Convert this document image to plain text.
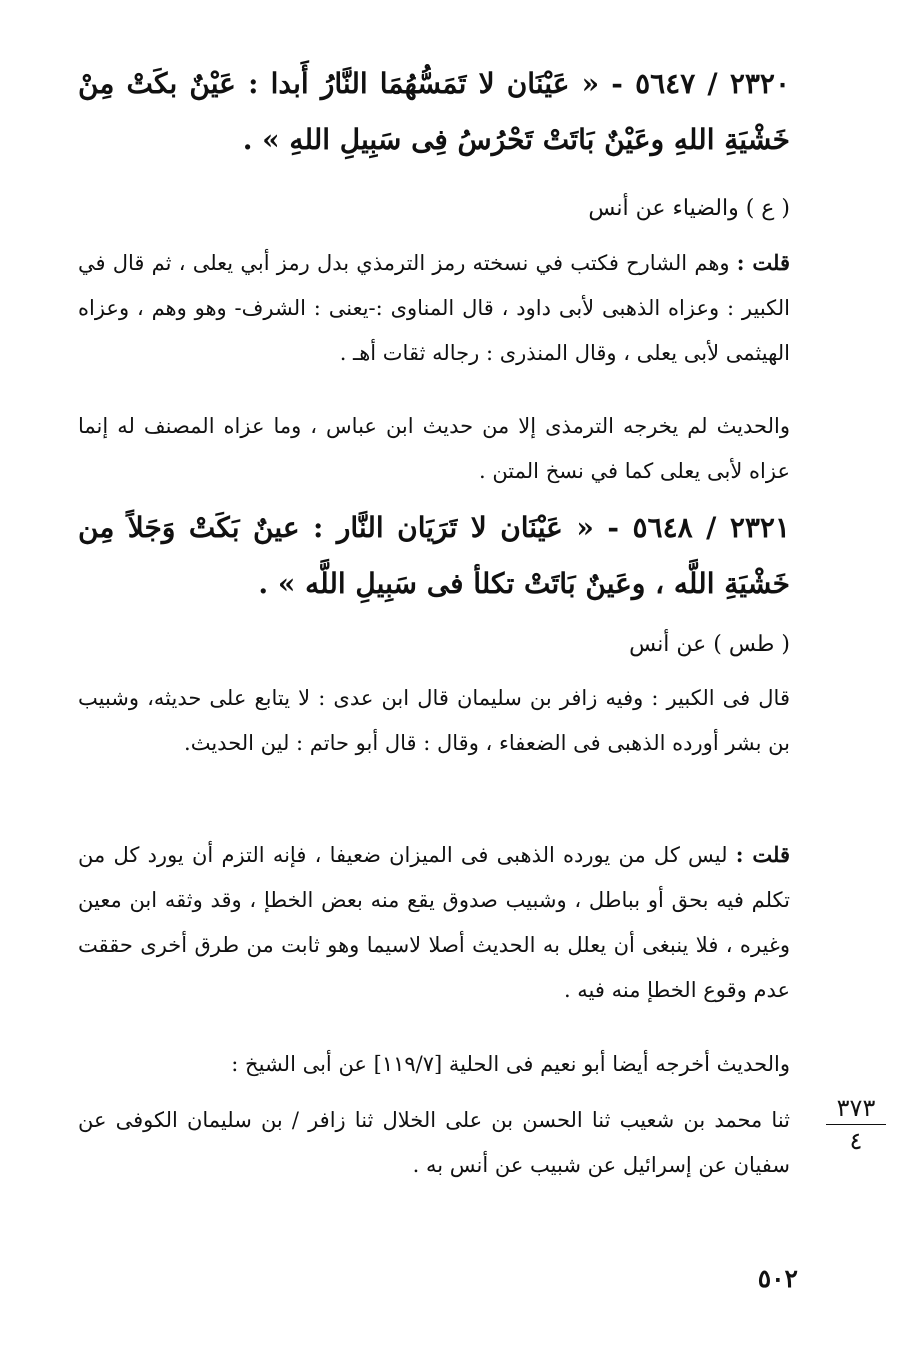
٢٣٢٠ / ٥٦٤٧ - « عَيْنَان لا تَمَسُّهُمَا النَّارُ أَبدا : عَيْنٌ بكَتْ مِنْ خَشْيَةِ اللهِ وعَيْنٌ بَاتَتْ تَحْرُسُ فِى سَبِيلِ اللهِ » .

( ع ) والضياء عن أنس

قلت : وهم الشارح فكتب في نسخته رمز الترمذي بدل رمز أبي يعلى ، ثم قال في الكبير : وعزاه الذهبى لأبى داود ، قال المناوى :-يعنى : الشرف- وهو وهم ، وعزاه الهيثمى لأبى يعلى ، وقال المنذرى : رجاله ثقات أهـ .

والحديث لم يخرجه الترمذى إلا من حديث ابن عباس ، وما عزاه المصنف له إنما عزاه لأبى يعلى كما في نسخ المتن .

٢٣٢١ / ٥٦٤٨ - « عَيْنَان لا تَرَيَان النَّار : عينٌ بَكَتْ وَجَلاً مِن خَشْيَةِ اللَّه ، وعَينٌ بَاتَتْ تكلأ فى سَبِيلِ اللَّه » .

( طس ) عن أنس

قال فى الكبير : وفيه زافر بن سليمان قال ابن عدى : لا يتابع على حديثه، وشبيب بن بشر أورده الذهبى فى الضعفاء ، وقال : قال أبو حاتم : لين الحديث.

قلت : ليس كل من يورده الذهبى فى الميزان ضعيفا ، فإنه التزم أن يورد كل من تكلم فيه بحق أو بباطل ، وشبيب صدوق يقع منه بعض الخطإ ، وقد وثقه ابن معين وغيره ، فلا ينبغى أن يعلل به الحديث أصلا لاسيما وهو ثابت من طرق أخرى حققت عدم وقوع الخطإ منه فيه .

والحديث أخرجه أيضا أبو نعيم فى الحلية [١١٩/٧] عن أبى الشيخ :

ثنا محمد بن شعيب ثنا الحسن بن على الخلال ثنا زافر / بن سليمان الكوفى عن سفيان عن إسرائيل عن شبيب عن أنس به .

٣٧٣
٤
٥٠٢
